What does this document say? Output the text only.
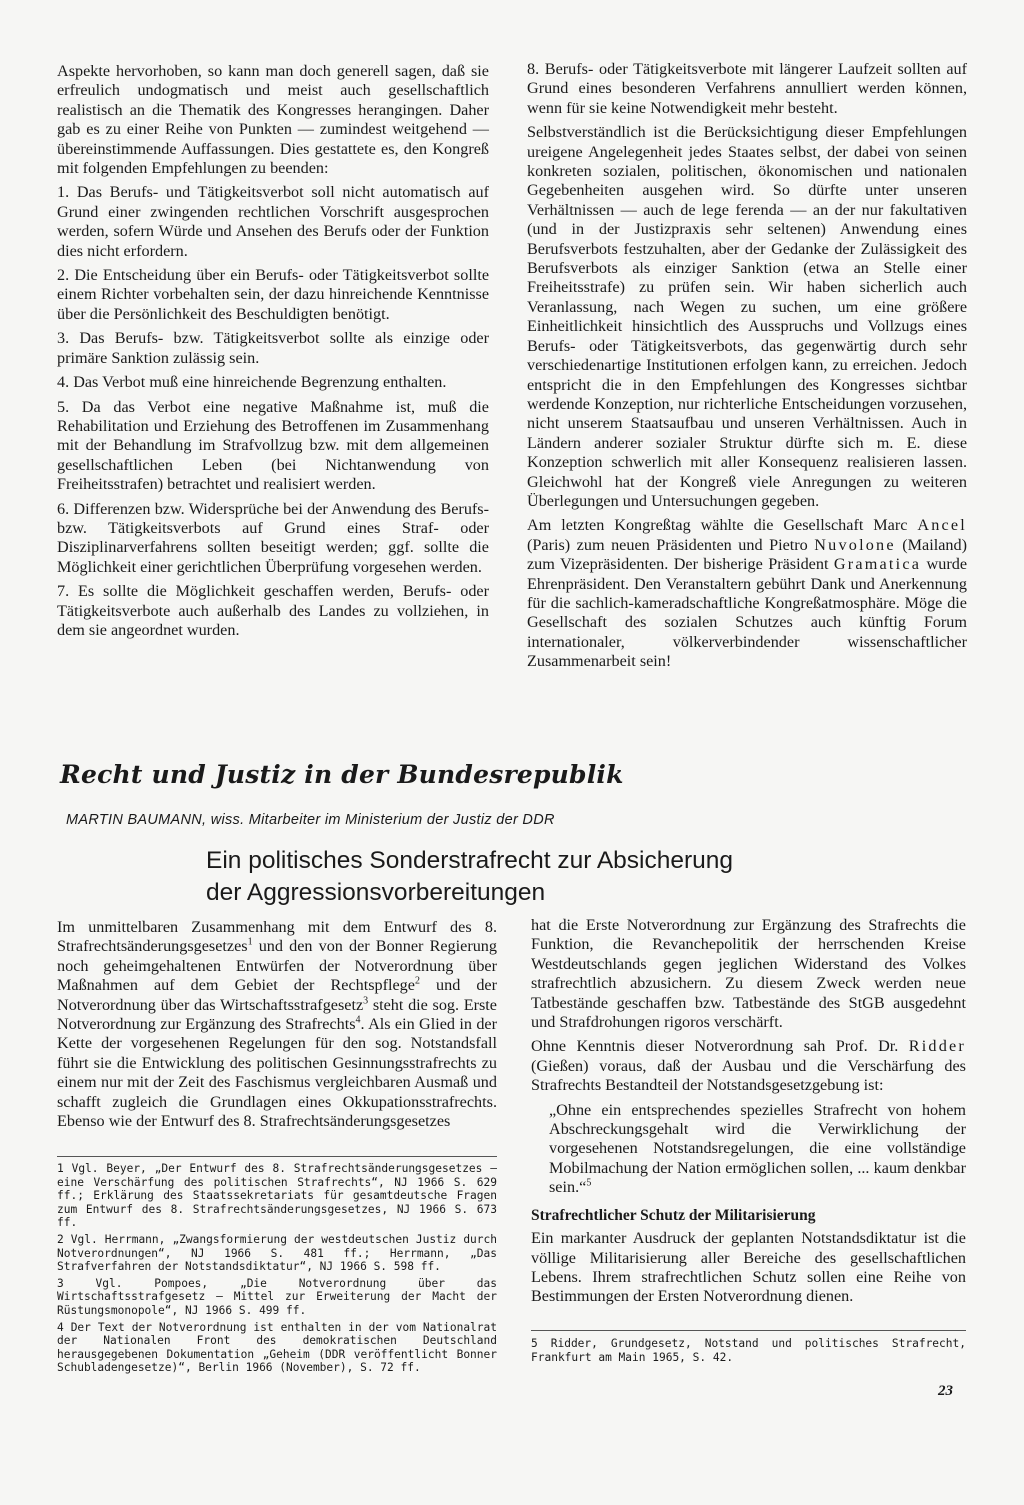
Aspekte hervorhoben, so kann man doch generell sagen, daß sie erfreulich undogmatisch und meist auch gesellschaftlich realistisch an die Thematik des Kongresses herangingen. Daher gab es zu einer Reihe von Punkten — zumindest weitgehend — übereinstimmende Auffassungen. Dies gestattete es, den Kongreß mit folgenden Empfehlungen zu beenden:

1. Das Berufs- und Tätigkeitsverbot soll nicht automatisch auf Grund einer zwingenden rechtlichen Vorschrift ausgesprochen werden, sofern Würde und Ansehen des Berufs oder der Funktion dies nicht erfordern.

2. Die Entscheidung über ein Berufs- oder Tätigkeitsverbot sollte einem Richter vorbehalten sein, der dazu hinreichende Kenntnisse über die Persönlichkeit des Beschuldigten benötigt.

3. Das Berufs- bzw. Tätigkeitsverbot sollte als einzige oder primäre Sanktion zulässig sein.

4. Das Verbot muß eine hinreichende Begrenzung enthalten.

5. Da das Verbot eine negative Maßnahme ist, muß die Rehabilitation und Erziehung des Betroffenen im Zusammenhang mit der Behandlung im Strafvollzug bzw. mit dem allgemeinen gesellschaftlichen Leben (bei Nichtanwendung von Freiheitsstrafen) betrachtet und realisiert werden.

6. Differenzen bzw. Widersprüche bei der Anwendung des Berufs- bzw. Tätigkeitsverbots auf Grund eines Straf- oder Disziplinarverfahrens sollten beseitigt werden; ggf. sollte die Möglichkeit einer gerichtlichen Überprüfung vorgesehen werden.

7. Es sollte die Möglichkeit geschaffen werden, Berufs- oder Tätigkeitsverbote auch außerhalb des Landes zu vollziehen, in dem sie angeordnet wurden.

8. Berufs- oder Tätigkeitsverbote mit längerer Laufzeit sollten auf Grund eines besonderen Verfahrens annulliert werden können, wenn für sie keine Notwendigkeit mehr besteht.

Selbstverständlich ist die Berücksichtigung dieser Empfehlungen ureigene Angelegenheit jedes Staates selbst, der dabei von seinen konkreten sozialen, politischen, ökonomischen und nationalen Gegebenheiten ausgehen wird. So dürfte unter unseren Verhältnissen — auch de lege ferenda — an der nur fakultativen (und in der Justizpraxis sehr seltenen) Anwendung eines Berufsverbots festzuhalten, aber der Gedanke der Zulässigkeit des Berufsverbots als einziger Sanktion (etwa an Stelle einer Freiheitsstrafe) zu prüfen sein. Wir haben sicherlich auch Veranlassung, nach Wegen zu suchen, um eine größere Einheitlichkeit hinsichtlich des Ausspruchs und Vollzugs eines Berufs- oder Tätigkeitsverbots, das gegenwärtig durch sehr verschiedenartige Institutionen erfolgen kann, zu erreichen. Jedoch entspricht die in den Empfehlungen des Kongresses sichtbar werdende Konzeption, nur richterliche Entscheidungen vorzusehen, nicht unserem Staatsaufbau und unseren Verhältnissen. Auch in Ländern anderer sozialer Struktur dürfte sich m. E. diese Konzeption schwerlich mit aller Konsequenz realisieren lassen. Gleichwohl hat der Kongreß viele Anregungen zu weiteren Überlegungen und Untersuchungen gegeben.

Am letzten Kongreßtag wählte die Gesellschaft Marc Ancel (Paris) zum neuen Präsidenten und Pietro Nuvolone (Mailand) zum Vizepräsidenten. Der bisherige Präsident Gramatica wurde Ehrenpräsident. Den Veranstaltern gebührt Dank und Anerkennung für die sachlich-kameradschaftliche Kongreßatmosphäre. Möge die Gesellschaft des sozialen Schutzes auch künftig Forum internationaler, völkerverbindender wissenschaftlicher Zusammenarbeit sein!

Recht und Justiz in der Bundesrepublik
MARTIN BAUMANN, wiss. Mitarbeiter im Ministerium der Justiz der DDR
Ein politisches Sonderstrafrecht zur Absicherung
der Aggressionsvorbereitungen

Im unmittelbaren Zusammenhang mit dem Entwurf des 8. Strafrechtsänderungsgesetzes$^1$ und den von der Bonner Regierung noch geheimgehaltenen Entwürfen der Notverordnung über Maßnahmen auf dem Gebiet der Rechtspflege$^2$ und der Notverordnung über das Wirtschaftsstrafgesetz$^3$ steht die sog. Erste Notverordnung zur Ergänzung des Strafrechts$^4$. Als ein Glied in der Kette der vorgesehenen Regelungen für den sog. Notstandsfall führt sie die Entwicklung des politischen Gesinnungsstrafrechts zu einem nur mit der Zeit des Faschismus vergleichbaren Ausmaß und schafft zugleich die Grundlagen eines Okkupationsstrafrechts. Ebenso wie der Entwurf des 8. Strafrechtsänderungsgesetzes

1 Vgl. Beyer, „Der Entwurf des 8. Strafrechtsänderungsgesetzes – eine Verschärfung des politischen Strafrechts“, NJ 1966 S. 629 ff.; Erklärung des Staatssekretariats für gesamtdeutsche Fragen zum Entwurf des 8. Strafrechtsänderungsgesetzes, NJ 1966 S. 673 ff.

2 Vgl. Herrmann, „Zwangsformierung der westdeutschen Justiz durch Notverordnungen“, NJ 1966 S. 481 ff.; Herrmann, „Das Strafverfahren der Notstandsdiktatur“, NJ 1966 S. 598 ff.

3 Vgl. Pompoes, „Die Notverordnung über das Wirtschaftsstrafgesetz – Mittel zur Erweiterung der Macht der Rüstungsmonopole“, NJ 1966 S. 499 ff.

4 Der Text der Notverordnung ist enthalten in der vom Nationalrat der Nationalen Front des demokratischen Deutschland herausgegebenen Dokumentation „Geheim (DDR veröffentlicht Bonner Schubladengesetze)“, Berlin 1966 (November), S. 72 ff.

hat die Erste Notverordnung zur Ergänzung des Strafrechts die Funktion, die Revanchepolitik der herrschenden Kreise Westdeutschlands gegen jeglichen Widerstand des Volkes strafrechtlich abzusichern. Zu diesem Zweck werden neue Tatbestände geschaffen bzw. Tatbestände des StGB ausgedehnt und Strafdrohungen rigoros verschärft.

Ohne Kenntnis dieser Notverordnung sah Prof. Dr. Ridder (Gießen) voraus, daß der Ausbau und die Verschärfung des Strafrechts Bestandteil der Notstandsgesetzgebung ist:

„Ohne ein entsprechendes spezielles Strafrecht von hohem Abschreckungsgehalt wird die Verwirklichung der vorgesehenen Notstandsregelungen, die eine vollständige Mobilmachung der Nation ermöglichen sollen, ... kaum denkbar sein.“$^5$

Strafrechtlicher Schutz der Militarisierung

Ein markanter Ausdruck der geplanten Notstandsdiktatur ist die völlige Militarisierung aller Bereiche des gesellschaftlichen Lebens. Ihrem strafrechtlichen Schutz sollen eine Reihe von Bestimmungen der Ersten Notverordnung dienen.

5 Ridder, Grundgesetz, Notstand und politisches Strafrecht, Frankfurt am Main 1965, S. 42.

23
